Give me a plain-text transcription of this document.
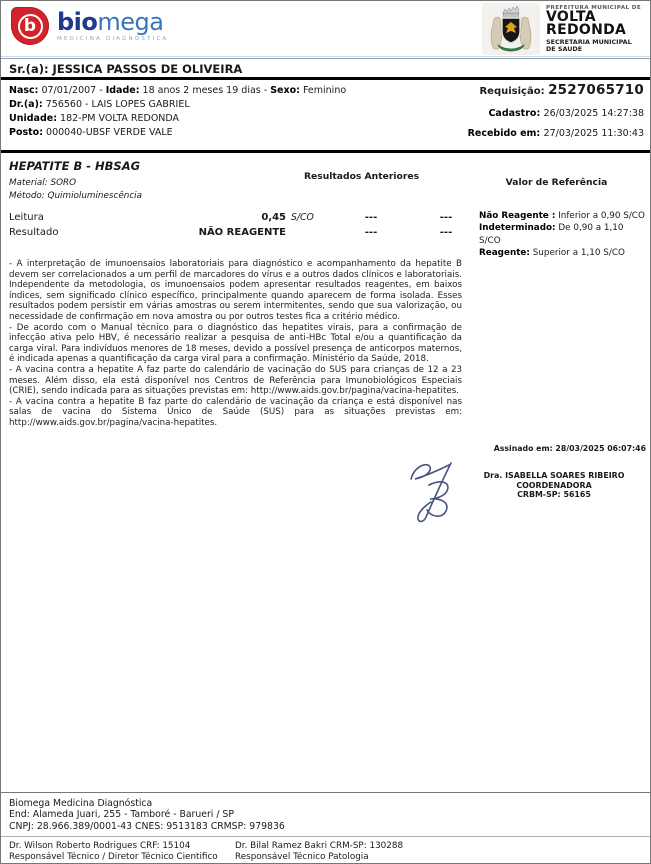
b biomega
MEDICINA DIAGNÓSTICA
PREFEITURA MUNICIPAL DE
VOLTA
REDONDA
SECRETARIA MUNICIPAL
DE SAUDE
Sr.(a): JESSICA PASSOS DE OLIVEIRA
Nasc: 07/01/2007 - Idade: 18 anos 2 meses 19 dias - Sexo: Feminino
Dr.(a): 756560 - LAIS LOPES GABRIEL
Unidade: 182-PM VOLTA REDONDA
Posto: 000040-UBSF VERDE VALE
Requisição: 2527065710
Cadastro: 26/03/2025 14:27:38
Recebido em: 27/03/2025 11:30:43
HEPATITE B - HBSAG
Material: SORO
Método: Quimioluminescência
Resultados Anteriores
Valor de Referência
Leitura	0,45 S/CO	---	---
Resultado	NÃO REAGENTE	---	---
Não Reagente : Inferior a 0,90 S/CO
Indeterminado: De 0,90 a 1,10 S/CO
Reagente: Superior a 1,10 S/CO

- A interpretação de imunoensaios laboratoriais para diagnóstico e acompanhamento da hepatite B devem ser correlacionados a um perfil de marcadores do vírus e a outros dados clínicos e laboratoriais. Independente da metodologia, os imunoensaios podem apresentar resultados reagentes, em baixos índices, sem significado clínico específico, principalmente quando aparecem de forma isolada. Esses resultados podem persistir em várias amostras ou serem intermitentes, sendo que sua valorização, ou necessidade de confirmação em nova amostra ou por outros testes fica a critério médico.

- De acordo com o Manual técnico para o diagnóstico das hepatites virais, para a confirmação de infecção ativa pelo HBV, é necessário realizar a pesquisa de anti-HBc Total e/ou a quantificação da carga viral. Para indivíduos menores de 18 meses, devido a possível presença de anticorpos maternos, é indicada apenas a quantificação da carga viral para a confirmação. Ministério da Saúde, 2018.

- A vacina contra a hepatite A faz parte do calendário de vacinação do SUS para crianças de 12 a 23 meses. Além disso, ela está disponível nos Centros de Referência para Imunobiológicos Especiais (CRIE), sendo indicada para as situações previstas em: http://www.aids.gov.br/pagina/vacina-hepatites.

- A vacina contra a hepatite B faz parte do calendário de vacinação da criança e está disponível nas salas de vacina do Sistema Único de Saúde (SUS) para as situações previstas em: http://www.aids.gov.br/pagina/vacina-hepatites.

Assinado em: 28/03/2025 06:07:46
Dra. ISABELLA SOARES RIBEIRO
COORDENADORA
CRBM-SP: 56165
Biomega Medicina Diagnóstica
End: Alameda Juari, 255 - Tamboré - Barueri / SP
CNPJ: 28.966.389/0001-43 CNES: 9513183 CRMSP: 979836
Dr. Wilson Roberto Rodrigues CRF: 15104
Responsável Técnico / Diretor Técnico Cientifico
Dr. Bilal Ramez Bakri CRM-SP: 130288
Responsável Técnico Patologia
